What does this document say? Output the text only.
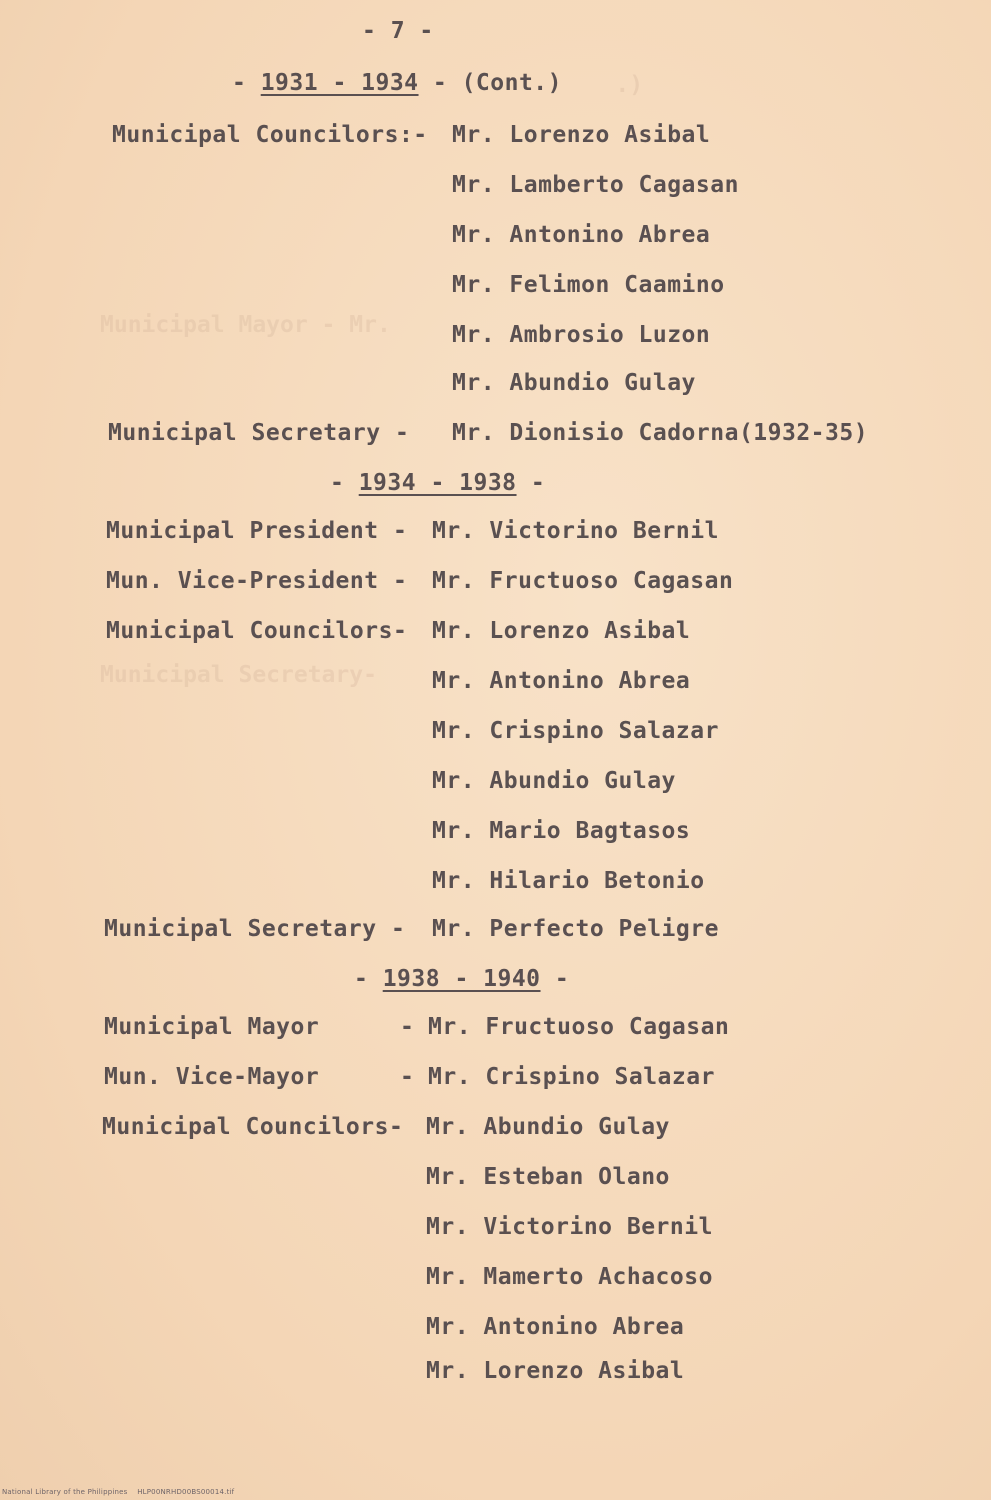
.)
Municipal Mayor - Mr.
Municipal Secretary-
- 7 -
- 1931 - 1934 - (Cont.)
Municipal Councilors:- Mr. Lorenzo Asibal
Mr. Lamberto Cagasan
Mr. Antonino Abrea
Mr. Felimon Caamino
Mr. Ambrosio Luzon
Mr. Abundio Gulay
Municipal Secretary - Mr. Dionisio Cadorna(1932-35)
- 1934 - 1938 -
Municipal President - Mr. Victorino Bernil
Mun. Vice-President - Mr. Fructuoso Cagasan
Municipal Councilors- Mr. Lorenzo Asibal
Mr. Antonino Abrea
Mr. Crispino Salazar
Mr. Abundio Gulay
Mr. Mario Bagtasos
Mr. Hilario Betonio
Municipal Secretary - Mr. Perfecto Peligre
- 1938 - 1940 -
Municipal Mayor	- Mr. Fructuoso Cagasan
Mun. Vice-Mayor	- Mr. Crispino Salazar
Municipal Councilors- Mr. Abundio Gulay
Mr. Esteban Olano
Mr. Victorino Bernil
Mr. Mamerto Achacoso
Mr. Antonino Abrea
Mr. Lorenzo Asibal
National Library of the Philippines    HLP00NRHD00BS00014.tif
